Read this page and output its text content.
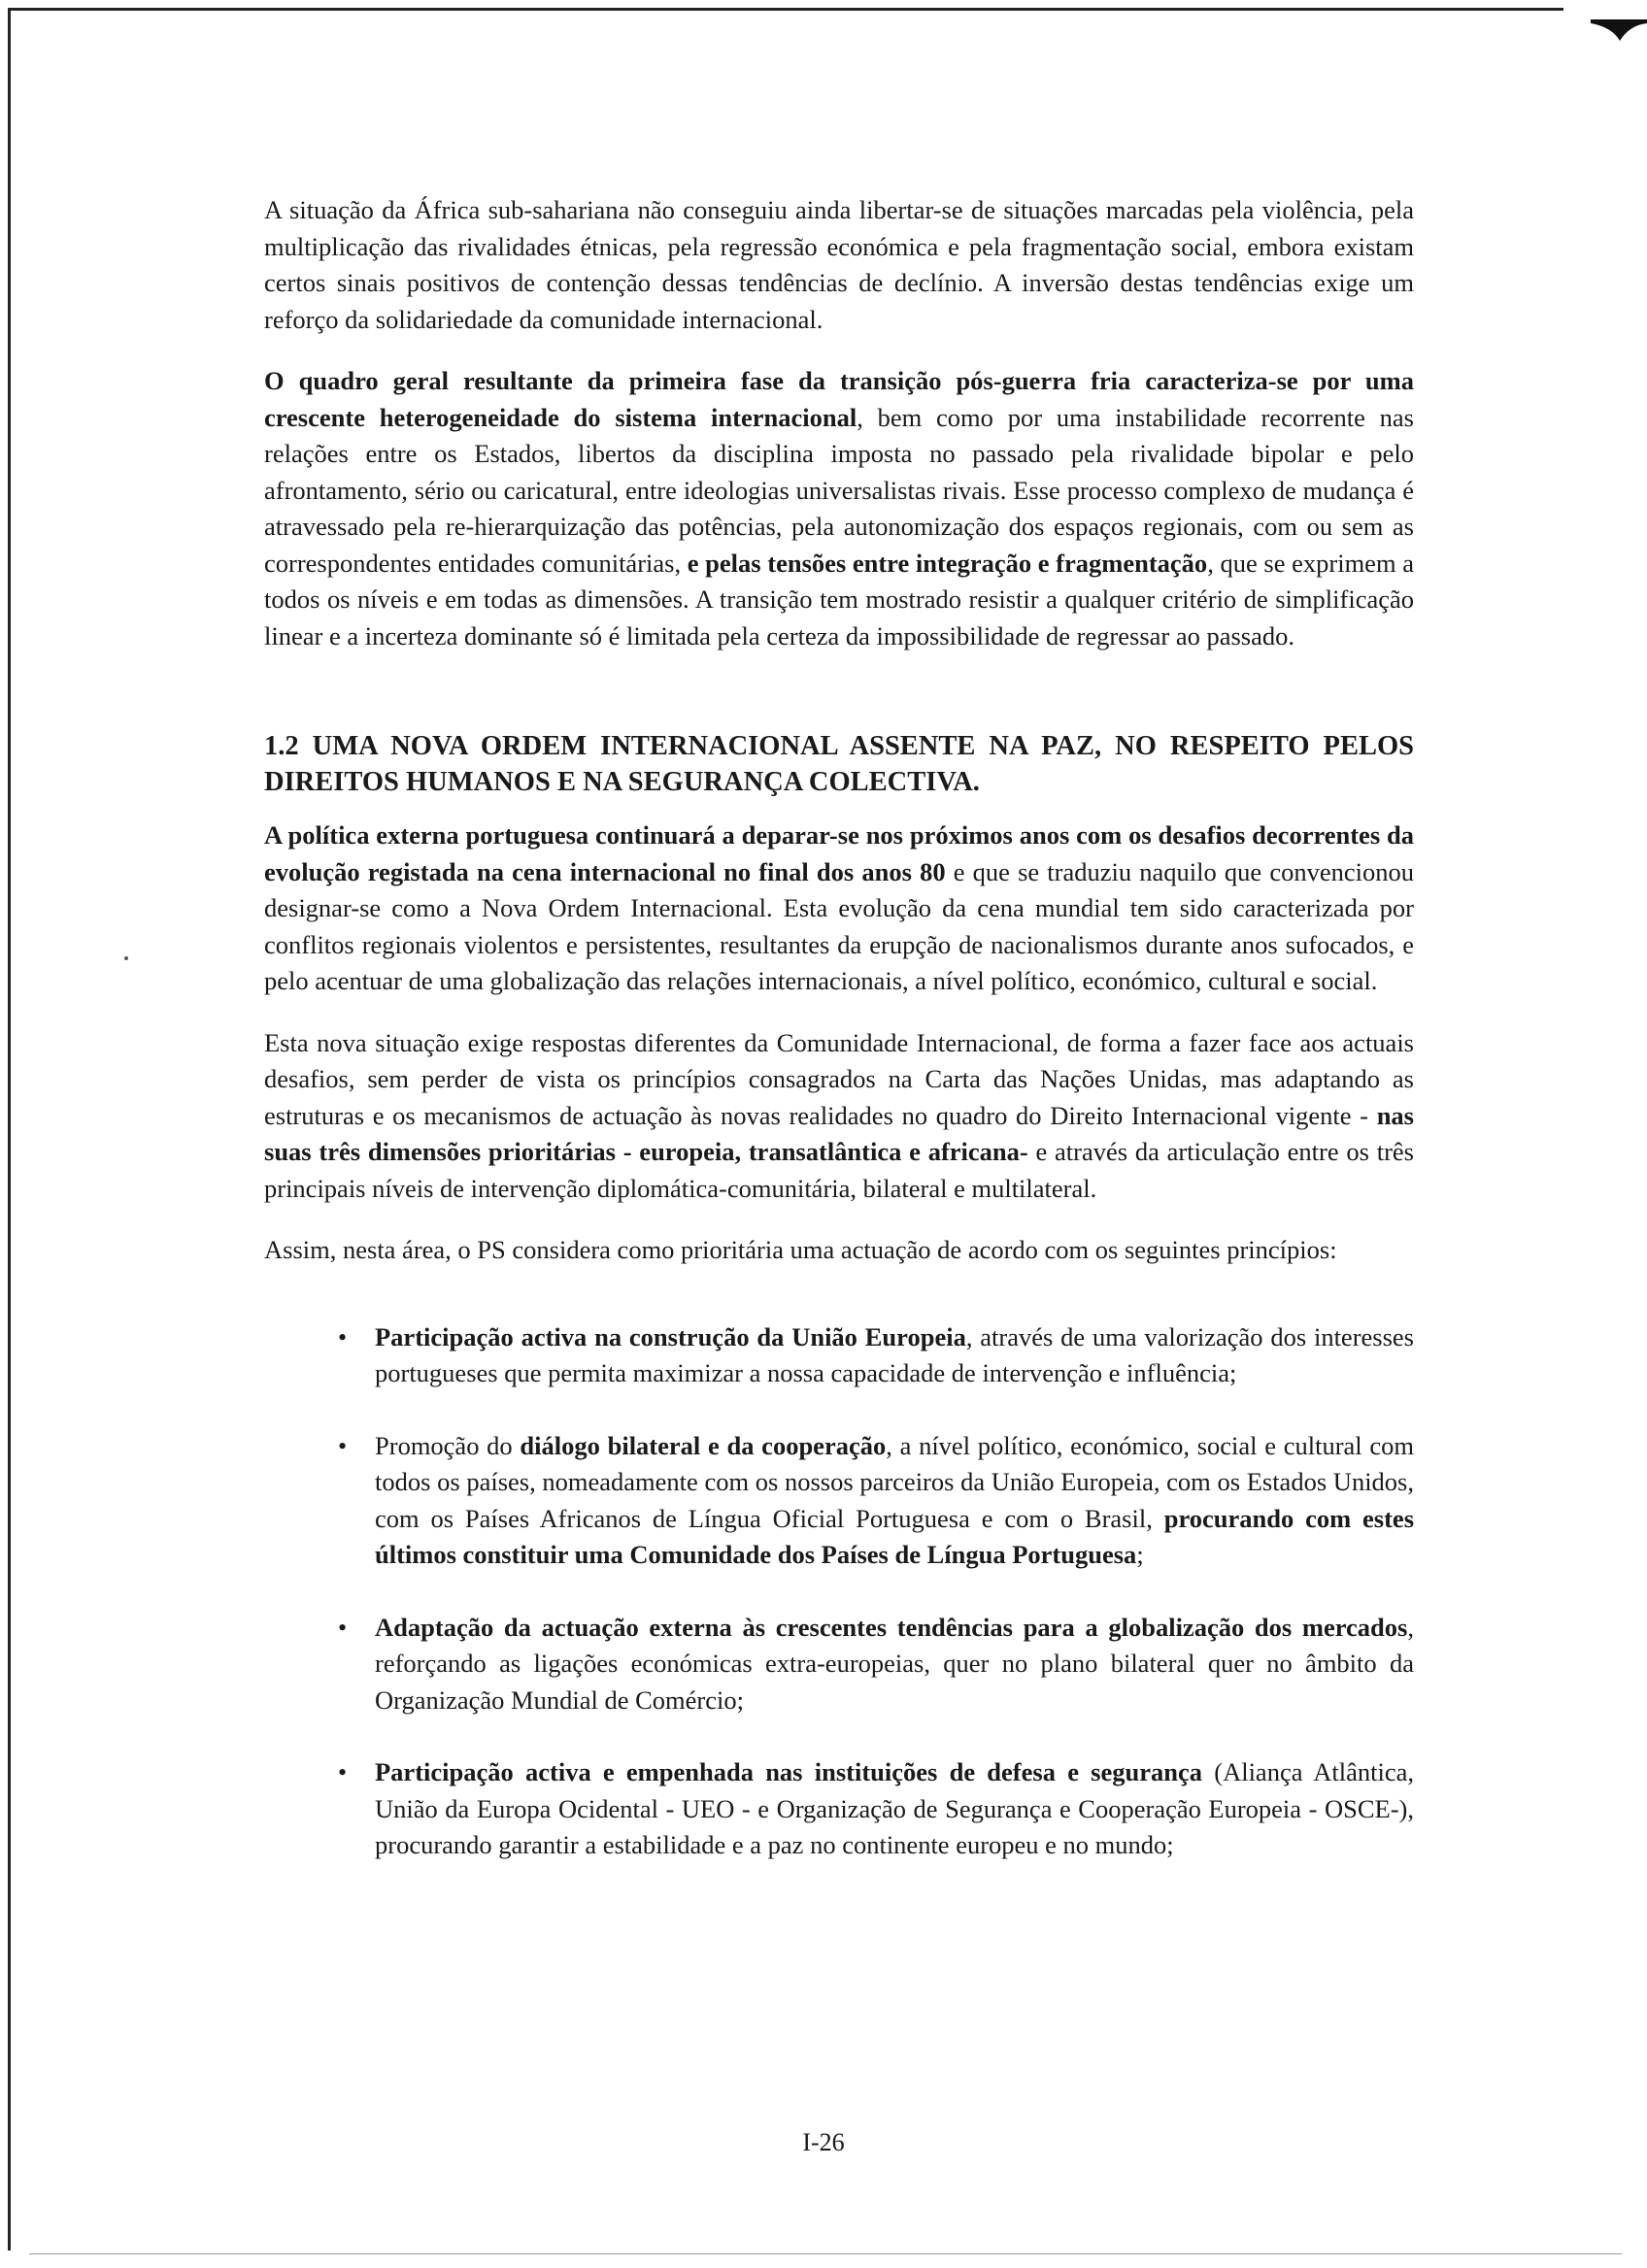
A situação da África sub-sahariana não conseguiu ainda libertar-se de situações marcadas pela violência, pela multiplicação das rivalidades étnicas, pela regressão económica e pela fragmentação social, embora existam certos sinais positivos de contenção dessas tendências de declínio. A inversão destas tendências exige um reforço da solidariedade da comunidade internacional.

O quadro geral resultante da primeira fase da transição pós-guerra fria caracteriza-se por uma crescente heterogeneidade do sistema internacional, bem como por uma instabilidade recorrente nas relações entre os Estados, libertos da disciplina imposta no passado pela rivalidade bipolar e pelo afrontamento, sério ou caricatural, entre ideologias universalistas rivais. Esse processo complexo de mudança é atravessado pela re-hierarquização das potências, pela autonomização dos espaços regionais, com ou sem as correspondentes entidades comunitárias, e pelas tensões entre integração e fragmentação, que se exprimem a todos os níveis e em todas as dimensões. A transição tem mostrado resistir a qualquer critério de simplificação linear e a incerteza dominante só é limitada pela certeza da impossibilidade de regressar ao passado.

1.2 UMA NOVA ORDEM INTERNACIONAL ASSENTE NA PAZ, NO RESPEITO PELOS DIREITOS HUMANOS E NA SEGURANÇA COLECTIVA.

A política externa portuguesa continuará a deparar-se nos próximos anos com os desafios decorrentes da evolução registada na cena internacional no final dos anos 80 e que se traduziu naquilo que convencionou designar-se como a Nova Ordem Internacional. Esta evolução da cena mundial tem sido caracterizada por conflitos regionais violentos e persistentes, resultantes da erupção de nacionalismos durante anos sufocados, e pelo acentuar de uma globalização das relações internacionais, a nível político, económico, cultural e social.

Esta nova situação exige respostas diferentes da Comunidade Internacional, de forma a fazer face aos actuais desafios, sem perder de vista os princípios consagrados na Carta das Nações Unidas, mas adaptando as estruturas e os mecanismos de actuação às novas realidades no quadro do Direito Internacional vigente - nas suas três dimensões prioritárias - europeia, transatlântica e africana- e através da articulação entre os três principais níveis de intervenção diplomática-comunitária, bilateral e multilateral.

Assim, nesta área, o PS considera como prioritária uma actuação de acordo com os seguintes princípios:

• Participação activa na construção da União Europeia, através de uma valorização dos interesses portugueses que permita maximizar a nossa capacidade de intervenção e influência;
• Promoção do diálogo bilateral e da cooperação, a nível político, económico, social e cultural com todos os países, nomeadamente com os nossos parceiros da União Europeia, com os Estados Unidos, com os Países Africanos de Língua Oficial Portuguesa e com o Brasil, procurando com estes últimos constituir uma Comunidade dos Países de Língua Portuguesa;
• Adaptação da actuação externa às crescentes tendências para a globalização dos mercados, reforçando as ligações económicas extra-europeias, quer no plano bilateral quer no âmbito da Organização Mundial de Comércio;
• Participação activa e empenhada nas instituições de defesa e segurança (Aliança Atlântica, União da Europa Ocidental - UEO - e Organização de Segurança e Cooperação Europeia - OSCE-), procurando garantir a estabilidade e a paz no continente europeu e no mundo;
I-26
